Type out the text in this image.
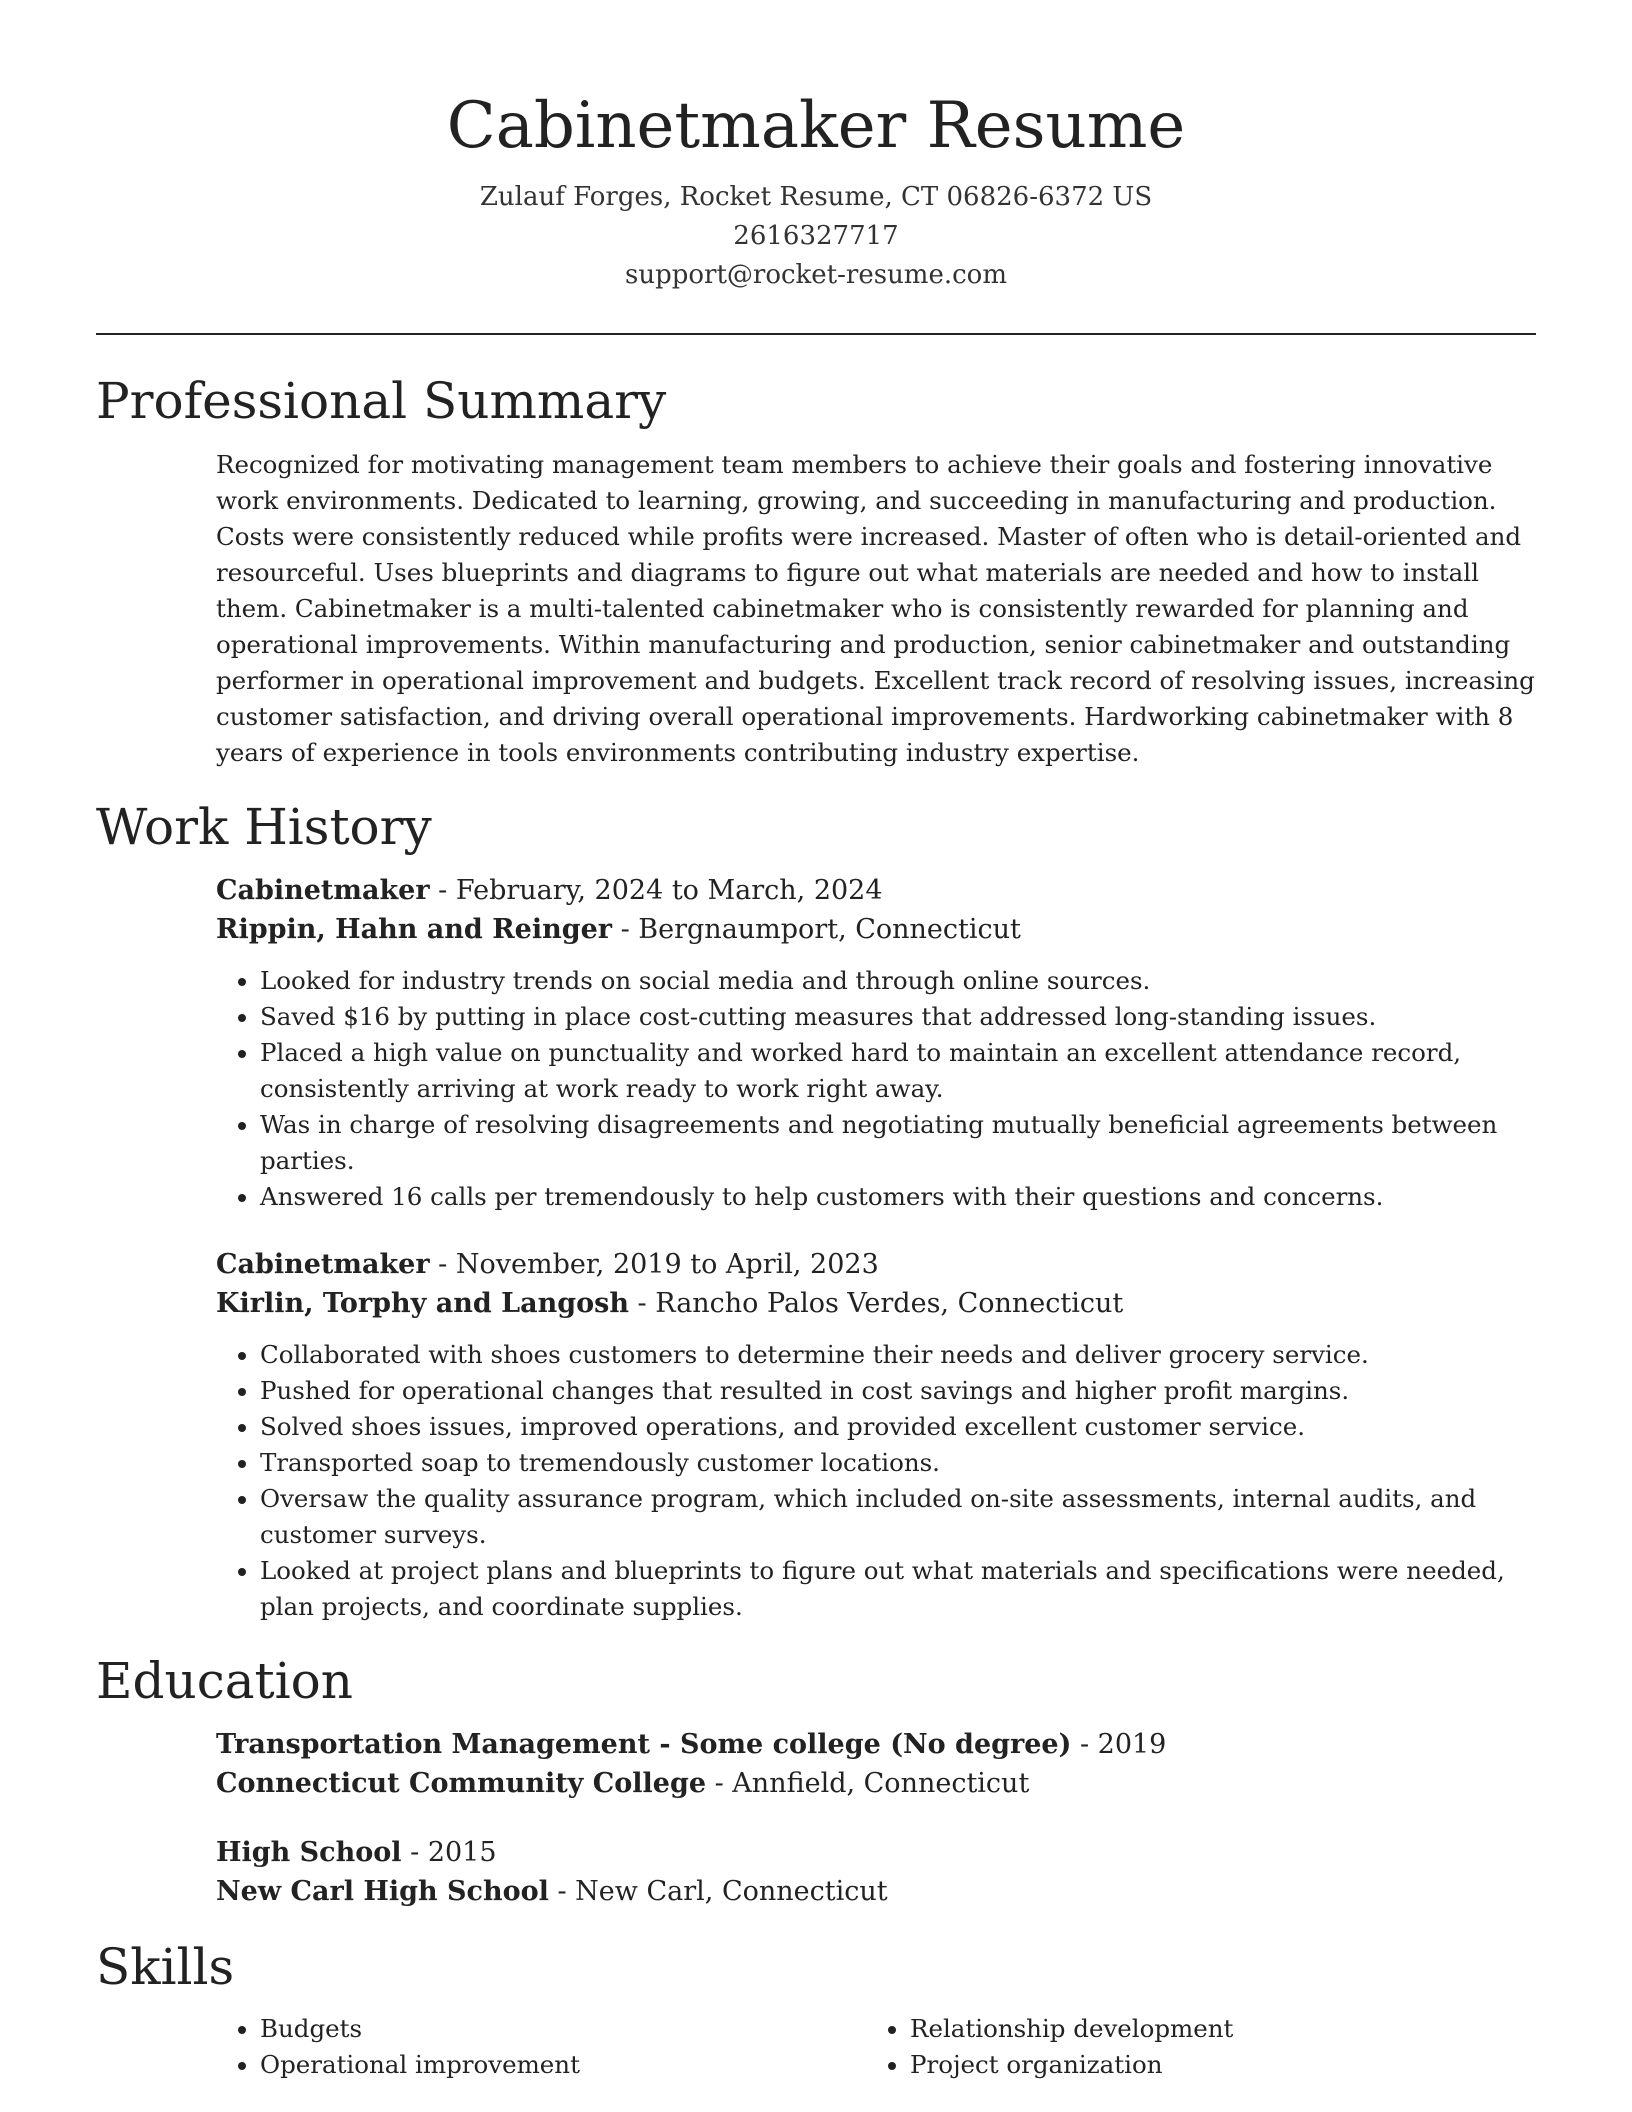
Cabinetmaker Resume
Zulauf Forges, Rocket Resume, CT 06826-6372 US
2616327717
support@rocket-resume.com
Professional Summary

Recognized for motivating management team members to achieve their goals and fostering innovative work environments. Dedicated to learning, growing, and succeeding in manufacturing and production. Costs were consistently reduced while profits were increased. Master of often who is detail-oriented and resourceful. Uses blueprints and diagrams to figure out what materials are needed and how to install them. Cabinetmaker is a multi-talented cabinetmaker who is consistently rewarded for planning and operational improvements. Within manufacturing and production, senior cabinetmaker and outstanding performer in operational improvement and budgets. Excellent track record of resolving issues, increasing customer satisfaction, and driving overall operational improvements. Hardworking cabinetmaker with 8 years of experience in tools environments contributing industry expertise.

Work History
Cabinetmaker - February, 2024 to March, 2024
Rippin, Hahn and Reinger - Bergnaumport, Connecticut
• Looked for industry trends on social media and through online sources.
• Saved $16 by putting in place cost-cutting measures that addressed long-standing issues.
• Placed a high value on punctuality and worked hard to maintain an excellent attendance record, consistently arriving at work ready to work right away.
• Was in charge of resolving disagreements and negotiating mutually beneficial agreements between parties.
• Answered 16 calls per tremendously to help customers with their questions and concerns.
Cabinetmaker - November, 2019 to April, 2023
Kirlin, Torphy and Langosh - Rancho Palos Verdes, Connecticut
• Collaborated with shoes customers to determine their needs and deliver grocery service.
• Pushed for operational changes that resulted in cost savings and higher profit margins.
• Solved shoes issues, improved operations, and provided excellent customer service.
• Transported soap to tremendously customer locations.
• Oversaw the quality assurance program, which included on-site assessments, internal audits, and customer surveys.
• Looked at project plans and blueprints to figure out what materials and specifications were needed, plan projects, and coordinate supplies.
Education
Transportation Management - Some college (No degree) - 2019
Connecticut Community College - Annfield, Connecticut
High School - 2015
New Carl High School - New Carl, Connecticut
Skills
• Budgets
• Operational improvement
• Relationship development
• Project organization
